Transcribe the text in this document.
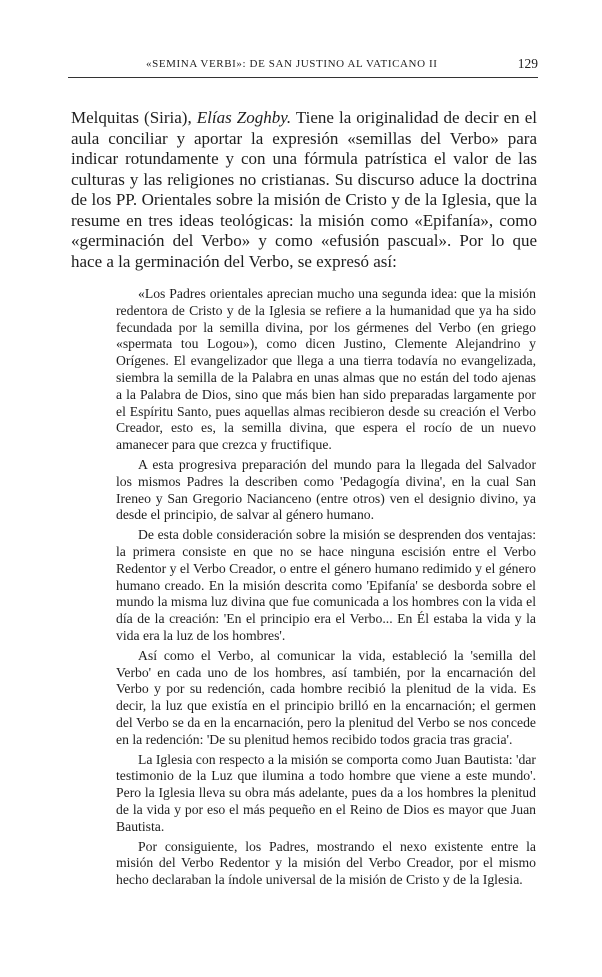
«SEMINA VERBI»: DE SAN JUSTINO AL VATICANO II	129

Melquitas (Siria), Elías Zoghby. Tiene la originalidad de decir en el aula conciliar y aportar la expresión «semillas del Verbo» para indicar rotundamente y con una fórmula patrística el valor de las culturas y las religiones no cristianas. Su discurso aduce la doctrina de los PP. Orientales sobre la misión de Cristo y de la Iglesia, que la resume en tres ideas teológicas: la misión como «Epifanía», como «germinación del Verbo» y como «efusión pascual». Por lo que hace a la germinación del Verbo, se expresó así:

«Los Padres orientales aprecian mucho una segunda idea: que la misión redentora de Cristo y de la Iglesia se refiere a la humanidad que ya ha sido fecundada por la semilla divina, por los gérmenes del Verbo (en griego «spermata tou Logou»), como dicen Justino, Clemente Alejandrino y Orígenes. El evangelizador que llega a una tierra todavía no evangelizada, siembra la semilla de la Palabra en unas almas que no están del todo ajenas a la Palabra de Dios, sino que más bien han sido preparadas largamente por el Espíritu Santo, pues aquellas almas recibieron desde su creación el Verbo Creador, esto es, la semilla divina, que espera el rocío de un nuevo amanecer para que crezca y fructifique.

A esta progresiva preparación del mundo para la llegada del Salvador los mismos Padres la describen como 'Pedagogía divina', en la cual San Ireneo y San Gregorio Nacianceno (entre otros) ven el designio divino, ya desde el principio, de salvar al género humano.

De esta doble consideración sobre la misión se desprenden dos ventajas: la primera consiste en que no se hace ninguna escisión entre el Verbo Redentor y el Verbo Creador, o entre el género humano redimido y el género humano creado. En la misión descrita como 'Epifanía' se desborda sobre el mundo la misma luz divina que fue comunicada a los hombres con la vida el día de la creación: 'En el principio era el Verbo... En Él estaba la vida y la vida era la luz de los hombres'.

Así como el Verbo, al comunicar la vida, estableció la 'semilla del Verbo' en cada uno de los hombres, así también, por la encarnación del Verbo y por su redención, cada hombre recibió la plenitud de la vida. Es decir, la luz que existía en el principio brilló en la encarnación; el germen del Verbo se da en la encarnación, pero la plenitud del Verbo se nos concede en la redención: 'De su plenitud hemos recibido todos gracia tras gracia'.

La Iglesia con respecto a la misión se comporta como Juan Bautista: 'dar testimonio de la Luz que ilumina a todo hombre que viene a este mundo'. Pero la Iglesia lleva su obra más adelante, pues da a los hombres la plenitud de la vida y por eso el más pequeño en el Reino de Dios es mayor que Juan Bautista.

Por consiguiente, los Padres, mostrando el nexo existente entre la misión del Verbo Redentor y la misión del Verbo Creador, por el mismo hecho declaraban la índole universal de la misión de Cristo y de la Iglesia.
